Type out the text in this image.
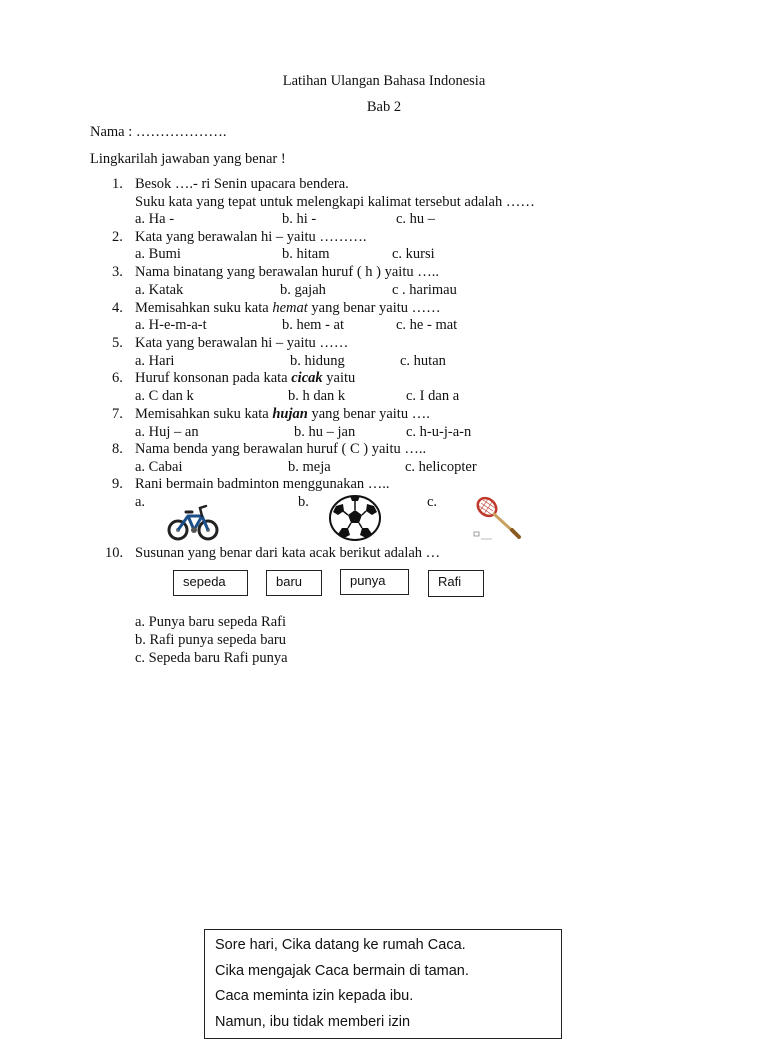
Latihan Ulangan Bahasa Indonesia
Bab 2
Nama : ……………….
Lingkarilah jawaban yang benar !
1. Besok ….- ri Senin upacara bendera.
Suku kata yang tepat untuk melengkapi kalimat tersebut adalah ……
a. Ha -	b. hi -	c. hu –
2. Kata yang berawalan hi – yaitu ……….
a. Bumi	b. hitam	c. kursi
3. Nama binatang yang berawalan huruf ( h ) yaitu …..
a. Katak	b. gajah	c . harimau
4. Memisahkan suku kata hemat yang benar yaitu ……
a. H-e-m-a-t	b. hem - at	c. he - mat
5. Kata yang berawalan hi – yaitu ……
a. Hari	b. hidung	c. hutan
6. Huruf konsonan pada kata cicak yaitu
a. C dan k	b. h dan k	c. I dan a
7. Memisahkan suku kata hujan yang benar yaitu ….
a. Huj – an	b. hu – jan	c. h-u-j-a-n
8. Nama benda yang berawalan huruf ( C ) yaitu …..
a. Cabai	b. meja	c. helicopter
9. Rani bermain badminton menggunakan …..
a.	b.	c.
10. Susunan yang benar dari kata acak berikut adalah …
sepeda	baru	punya	Rafi
a. Punya baru sepeda Rafi
b. Rafi punya sepeda baru
c. Sepeda baru Rafi punya
Sore hari, Cika datang ke rumah Caca.
Cika mengajak Caca bermain di taman.
Caca meminta izin kepada ibu.
Namun, ibu tidak memberi izin
